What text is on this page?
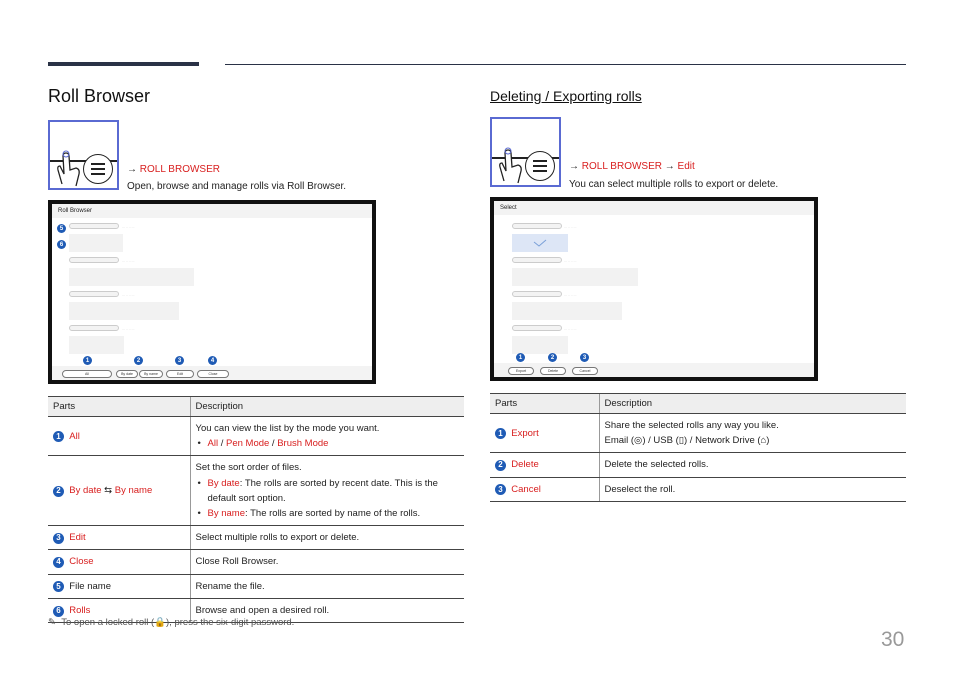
Roll Browser	Deleting / Exporting rolls
→ ROLL BROWSER
Open, browse and manage rolls via Roll Browser.
Roll Browser
5
6
··· ·· ·· ···
··· ·· ·· ···
··· ·· ·· ···
··· ·· ·· ···
1	2	3	4
All	By date	By name	Edit	Close
Parts	Description
1 All	You can view the list by the mode you want.
• All / Pen Mode / Brush Mode

2 By date ⇆ By name	Set the sort order of files.
• By date: The rolls are sorted by recent date. This is the default sort option.
• By name: The rolls are sorted by name of the rolls.

3 Edit	Select multiple rolls to export or delete.
4 Close	Close Roll Browser.
5 File name	Rename the file.
6 Rolls	Browse and open a desired roll.
✎ To open a locked roll (🔒), press the six-digit password.
→ ROLL BROWSER → Edit
You can select multiple rolls to export or delete.
Select
··· ·· ·· ···
··· ·· ·· ···
··· ·· ·· ···
··· ·· ·· ···
1	2	3
Export	Delete	Cancel
Parts	Description
1 Export	Share the selected rolls any way you like.
Email (◎) / USB (▯) / Network Drive (⌂)

2 Delete	Delete the selected rolls.
3 Cancel	Deselect the roll.
30
